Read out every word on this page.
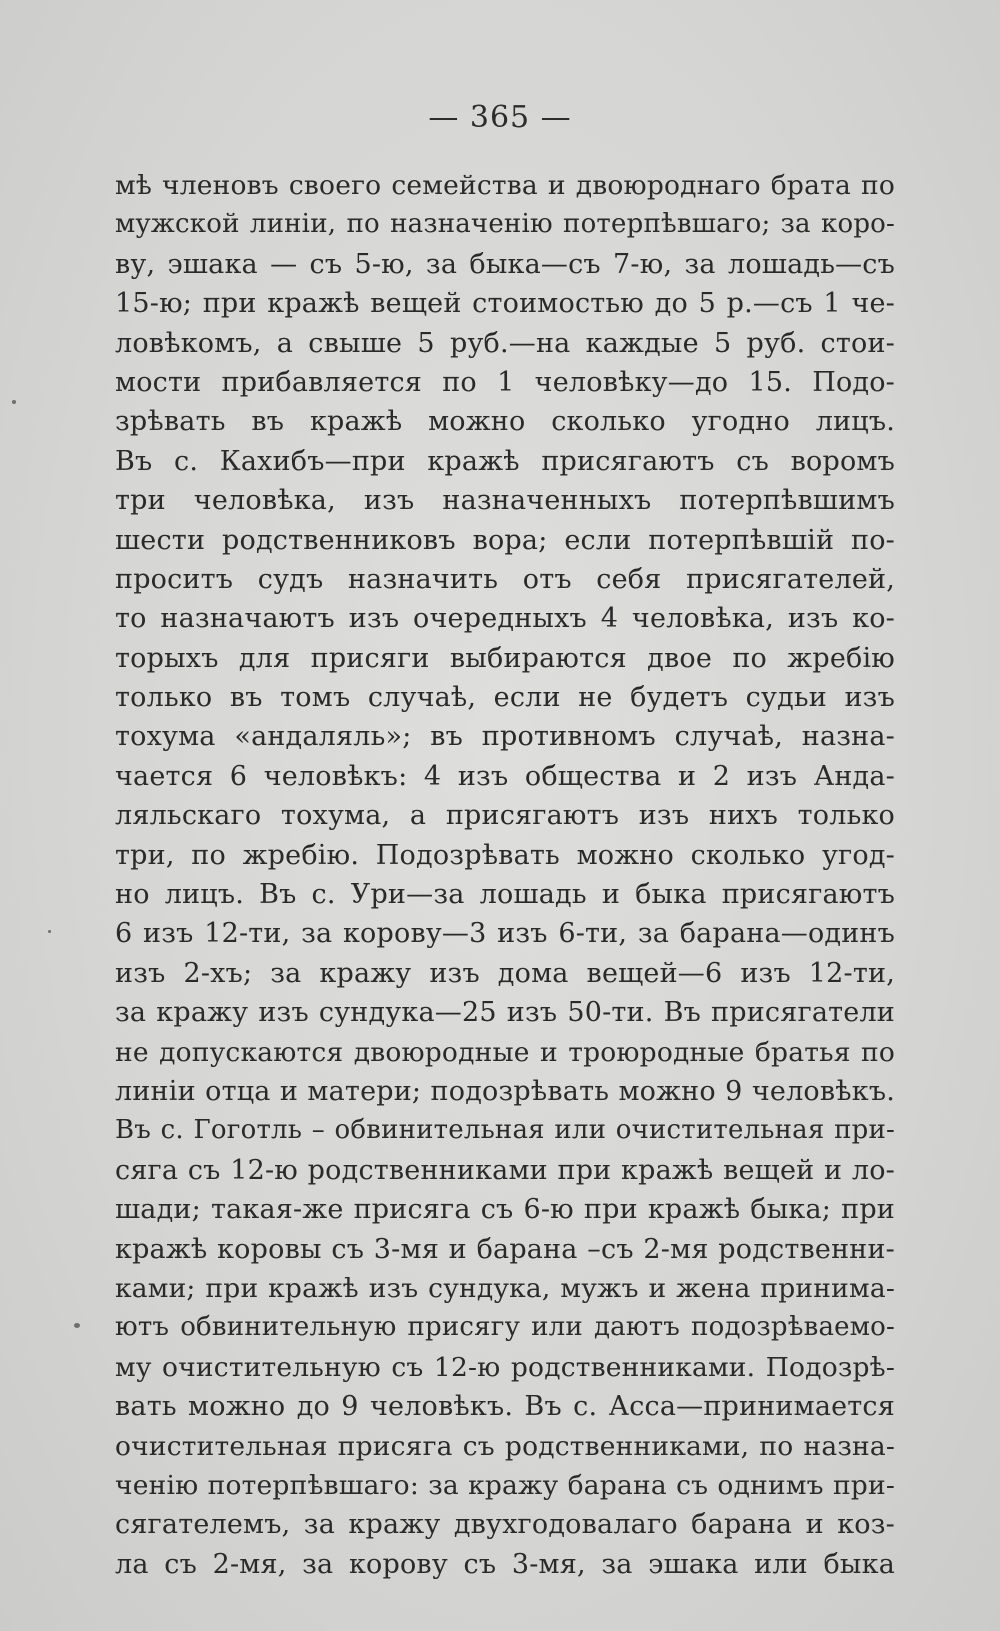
— 365 —
мѣ членовъ своего семейства и двоюроднаго брата по
мужской линіи, по назначенію потерпѣвшаго; за коро-
ву, эшака — съ 5-ю, за быка—съ 7-ю, за лошадь—съ
15-ю; при кражѣ вещей стоимостью до 5 р.—съ 1 че-
ловѣкомъ, а свыше 5 руб.—на каждые 5 руб. стои-
мости прибавляется по 1 человѣку—до 15. Подо-
зрѣвать въ кражѣ можно сколько угодно лицъ.
Въ с. Кахибъ—при кражѣ присягаютъ съ воромъ
три человѣка, изъ назначенныхъ потерпѣвшимъ
шести родственниковъ вора; если потерпѣвшій по-
проситъ судъ назначить отъ себя присягателей,
то назначаютъ изъ очередныхъ 4 человѣка, изъ ко-
торыхъ для присяги выбираются двое по жребію
только въ томъ случаѣ, если не будетъ судьи изъ
тохума «андаляль»; въ противномъ случаѣ, назна-
чается 6 человѣкъ: 4 изъ общества и 2 изъ Андa-
ляльскаго тохума, а присягаютъ изъ нихъ только
три, по жребію. Подозрѣвать можно сколько угод-
но лицъ. Въ с. Ури—за лошадь и быка присягаютъ
6 изъ 12-ти, за корову—3 изъ 6-ти, за барана—одинъ
изъ 2-хъ; за кражу изъ дома вещей—6 изъ 12-ти,
за кражу изъ сундука—25 изъ 50-ти. Въ присягатели
не допускаются двоюродные и троюродные братья по
линіи отца и матери; подозрѣвать можно 9 человѣкъ.
Въ с. Гоготль – обвинительная или очистительная при-
сяга съ 12-ю родственниками при кражѣ вещей и ло-
шади; такая-же присяга съ 6-ю при кражѣ быка; при
кражѣ коровы съ 3-мя и барана –съ 2-мя родственни-
ками; при кражѣ изъ сундука, мужъ и жена принима-
ютъ обвинительную присягу или даютъ подозрѣваемо-
му очистительную съ 12-ю родственниками. Подозрѣ-
вать можно до 9 человѣкъ. Въ с. Асса—принимается
очистительная присяга съ родственниками, по назна-
ченію потерпѣвшаго: за кражу барана съ однимъ при-
сягателемъ, за кражу двухгодовалаго барана и коз-
ла съ 2-мя, за корову съ 3-мя, за эшака или быка
